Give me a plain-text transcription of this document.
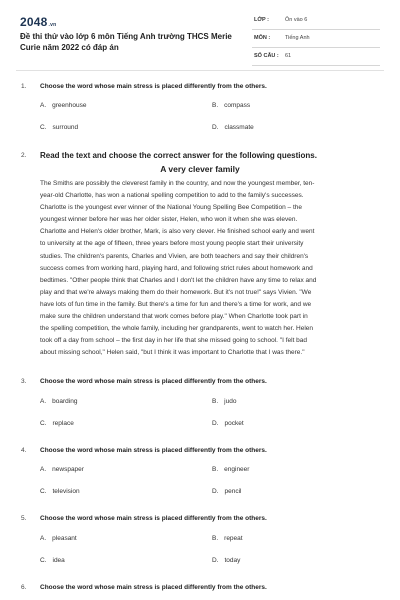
2048.vn
Đề thi thử vào lớp 6 môn Tiếng Anh trường THCS Merie Curie năm 2022 có đáp án
LỚP :	Ôn vào 6
MÔN :	Tiếng Anh
SỐ CÂU : 61
1. Choose the word whose main stress is placed differently from the others.
A. greenhouse	B. compass
C. surround	D. classmate
2. Read the text and choose the correct answer for the following questions.
A very clever family
The Smiths are possibly the cleverest family in the country, and now the youngest member, ten-
year-old Charlotte, has won a national spelling competition to add to the family's successes.
Charlotte is the youngest ever winner of the National Young Spelling Bee Competition – the
youngest winner before her was her older sister, Helen, who won it when she was eleven.
Charlotte and Helen's older brother, Mark, is also very clever. He finished school early and went
to university at the age of fifteen, three years before most young people start their university
studies. The children's parents, Charles and Vivien, are both teachers and say their children's
success comes from working hard, playing hard, and following strict rules about homework and
bedtimes. "Other people think that Charles and I don't let the children have any time to relax and
play and that we're always making them do their homework. But it's not true!" says Vivien. "We
have lots of fun time in the family. But there's a time for fun and there's a time for work, and we
make sure the children understand that work comes before play." When Charlotte took part in
the spelling competition, the whole family, including her grandparents, went to watch her. Helen
took off a day from school – the first day in her life that she missed going to school. "I felt bad
about missing school," Helen said, "but I think it was important to Charlotte that I was there."
3. Choose the word whose main stress is placed differently from the others.
A. boarding	B. judo
C. replace	D. pocket
4. Choose the word whose main stress is placed differently from the others.
A. newspaper	B. engineer
C. television	D. pencil
5. Choose the word whose main stress is placed differently from the others.
A. pleasant	B. repeat
C. idea	D. today
6. Choose the word whose main stress is placed differently from the others.
